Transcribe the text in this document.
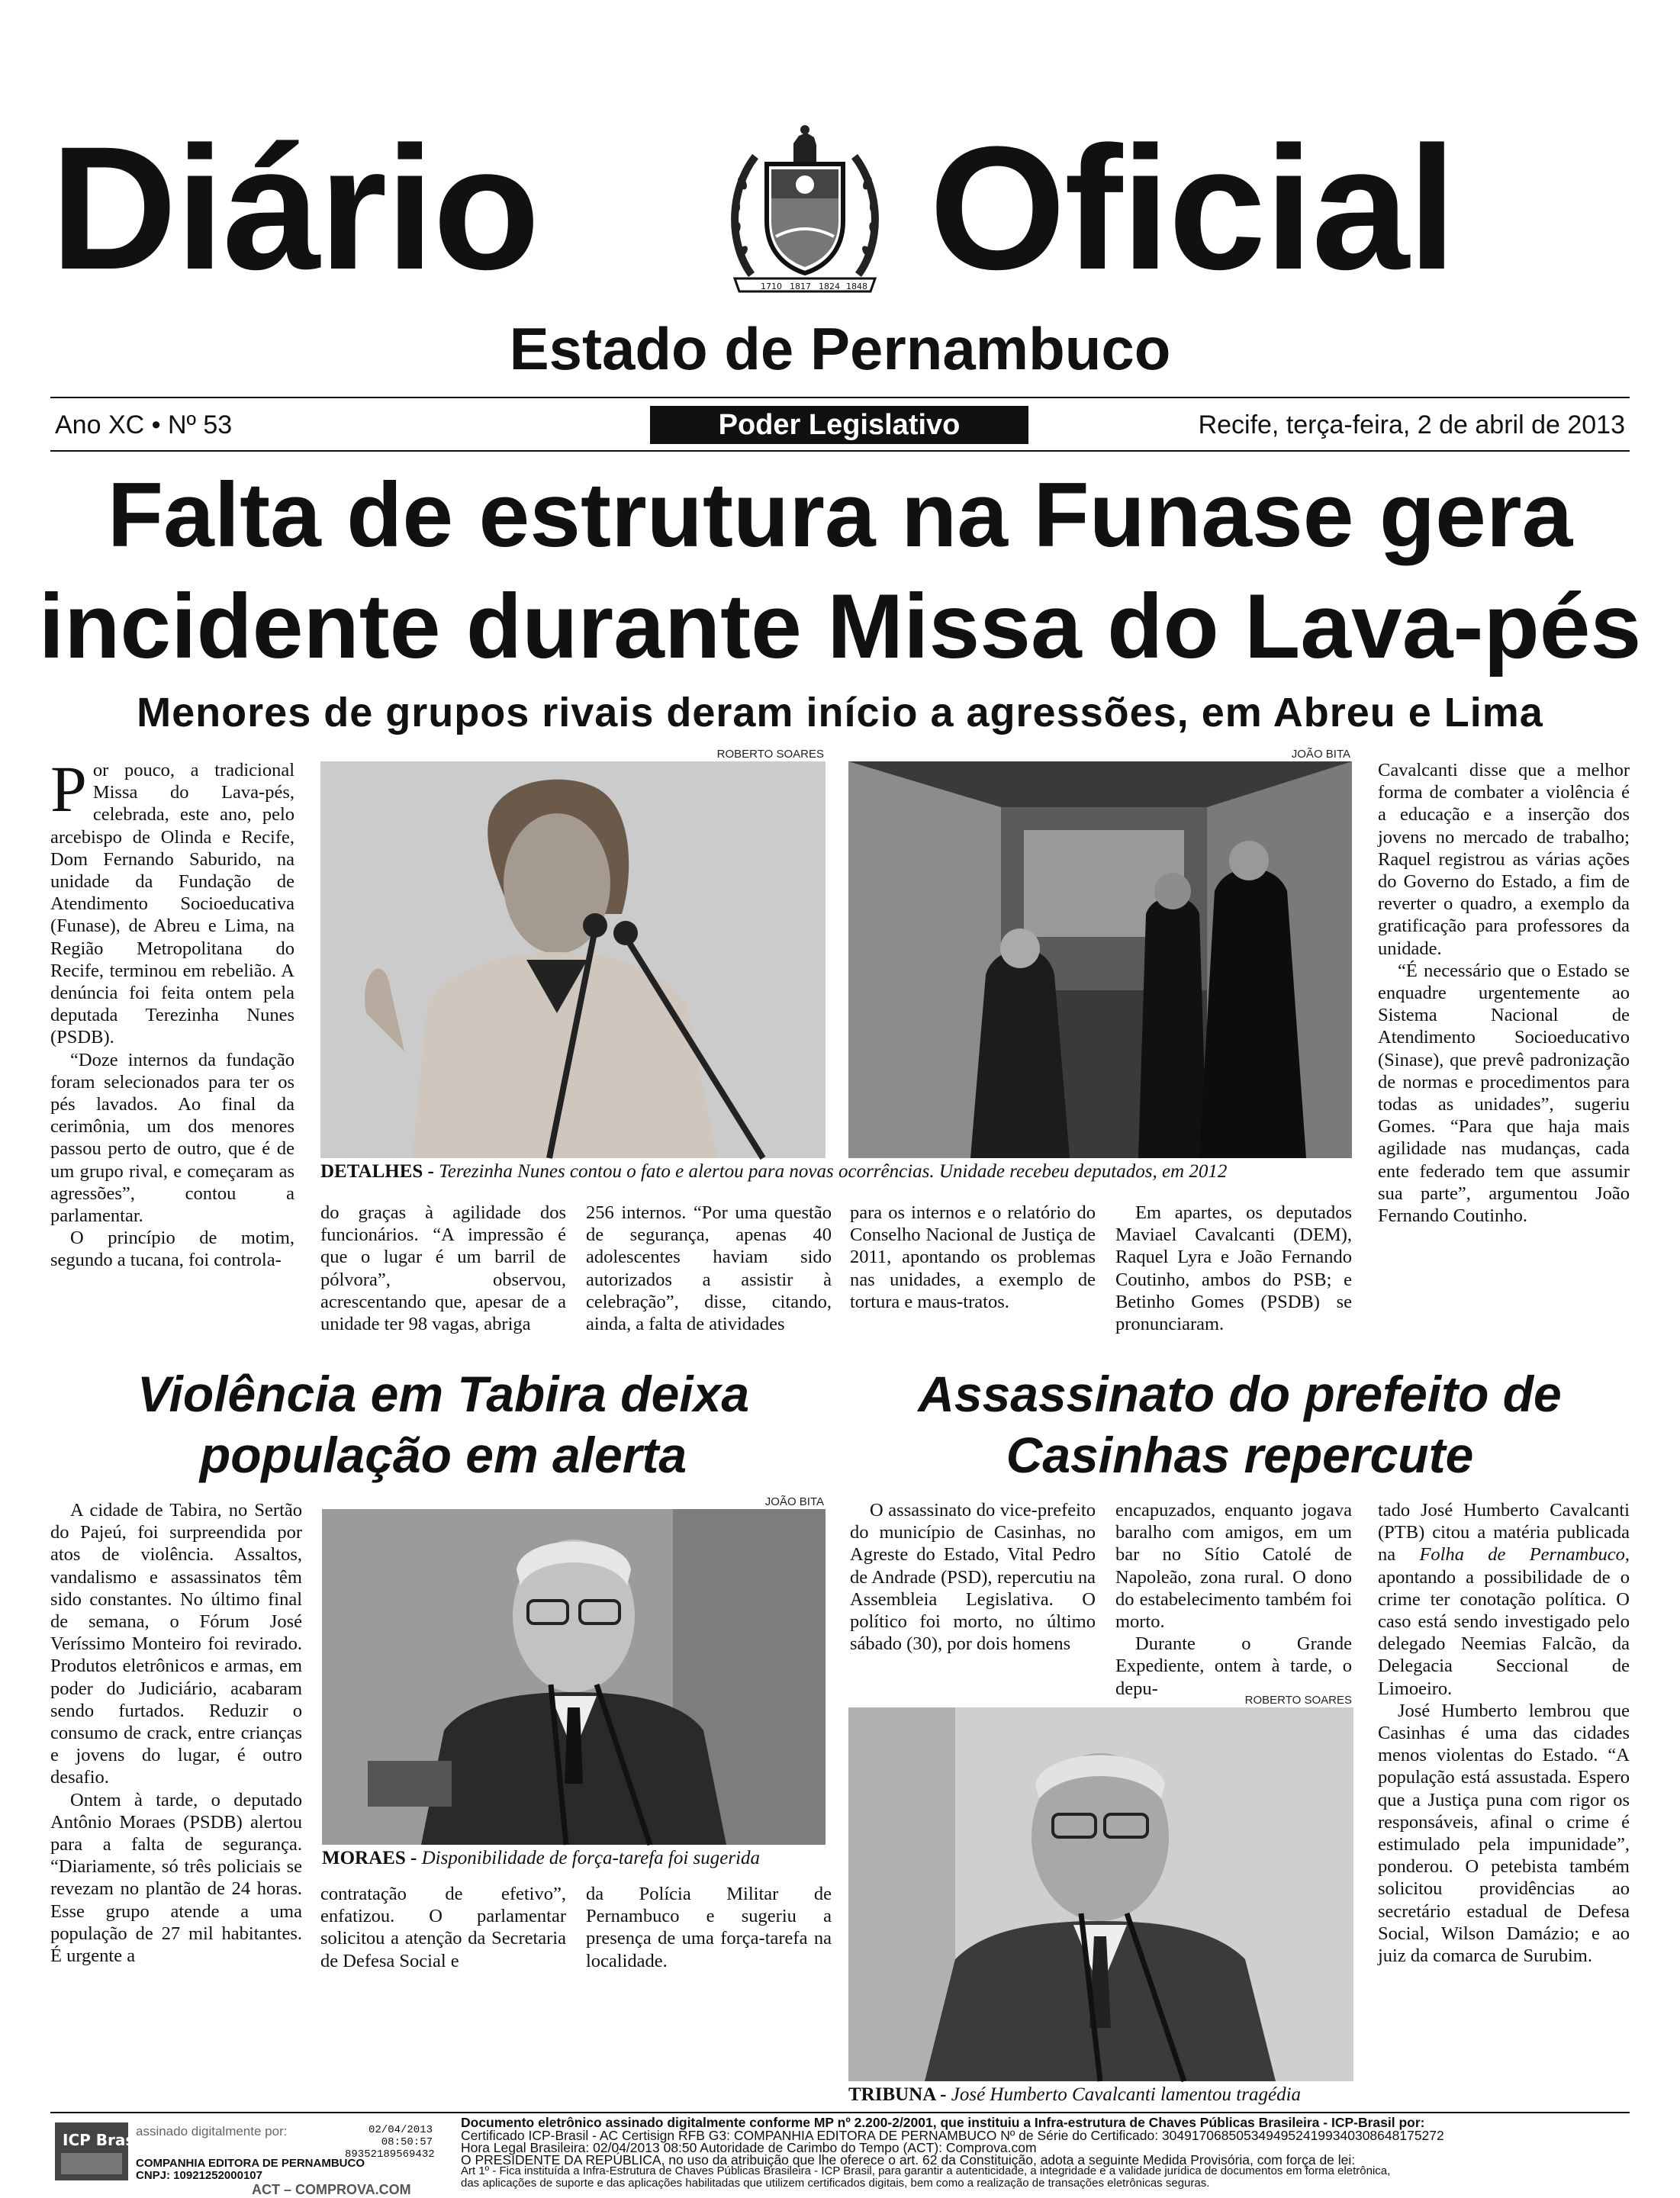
Diário Oficial
1710 1817 1824 1848
Estado de Pernambuco
Ano XC • Nº 53	Poder Legislativo	Recife, terça-feira, 2 de abril de 2013
Falta de estrutura na Funase gera
incidente durante Missa do Lava-pés
Menores de grupos rivais deram início a agressões, em Abreu e Lima

Por pouco, a tradicional Missa do Lava-pés, celebrada, este ano, pelo arcebispo de Olinda e Recife, Dom Fernando Saburido, na unidade da Fundação de Atendimento Socioeducativa (Funase), de Abreu e Lima, na Região Metropolitana do Recife, terminou em rebelião. A denúncia foi feita ontem pela deputada Terezinha Nunes (PSDB).

“Doze internos da fundação foram selecionados para ter os pés lavados. Ao final da cerimônia, um dos menores passou perto de outro, que é de um grupo rival, e começaram as agressões”, contou a parlamentar.

O princípio de motim, segundo a tucana, foi controla-

ROBERTO SOARES	JOÃO BITA
DETALHES - Terezinha Nunes contou o fato e alertou para novas ocorrências. Unidade recebeu deputados, em 2012

do graças à agilidade dos funcionários. “A impressão é que o lugar é um barril de pólvora”, observou, acrescentando que, apesar de a unidade ter 98 vagas, abriga

256 internos. “Por uma questão de segurança, apenas 40 adolescentes haviam sido autorizados a assistir à celebração”, disse, citando, ainda, a falta de atividades

para os internos e o relatório do Conselho Nacional de Justiça de 2011, apontando os problemas nas unidades, a exemplo de tortura e maus-tratos.

Em apartes, os deputados Maviael Cavalcanti (DEM), Raquel Lyra e João Fernando Coutinho, ambos do PSB; e Betinho Gomes (PSDB) se pronunciaram.

Cavalcanti disse que a melhor forma de combater a violência é a educação e a inserção dos jovens no mercado de trabalho; Raquel registrou as várias ações do Governo do Estado, a fim de reverter o quadro, a exemplo da gratificação para professores da unidade.

“É necessário que o Estado se enquadre urgentemente ao Sistema Nacional de Atendimento Socioeducativo (Sinase), que prevê padronização de normas e procedimentos para todas as unidades”, sugeriu Gomes. “Para que haja mais agilidade nas mudanças, cada ente federado tem que assumir sua parte”, argumentou João Fernando Coutinho.

Violência em Tabira deixa
população em alerta

A cidade de Tabira, no Sertão do Pajeú, foi surpreendida por atos de violência. Assaltos, vandalismo e assassinatos têm sido constantes. No último final de semana, o Fórum José Veríssimo Monteiro foi revirado. Produtos eletrônicos e armas, em poder do Judiciário, acabaram sendo furtados. Reduzir o consumo de crack, entre crianças e jovens do lugar, é outro desafio.

Ontem à tarde, o deputado Antônio Moraes (PSDB) alertou para a falta de segurança. “Diariamente, só três policiais se revezam no plantão de 24 horas. Esse grupo atende a uma população de 27 mil habitantes. É urgente a

JOÃO BITA
MORAES - Disponibilidade de força-tarefa foi sugerida

contratação de efetivo”, enfatizou. O parlamentar solicitou a atenção da Secretaria de Defesa Social e

da Polícia Militar de Pernambuco e sugeriu a presença de uma força-tarefa na localidade.

Assassinato do prefeito de
Casinhas repercute

O assassinato do vice-prefeito do município de Casinhas, no Agreste do Estado, Vital Pedro de Andrade (PSD), repercutiu na Assembleia Legislativa. O político foi morto, no último sábado (30), por dois homens

encapuzados, enquanto jogava baralho com amigos, em um bar no Sítio Catolé de Napoleão, zona rural. O dono do estabelecimento também foi morto.

Durante o Grande Expediente, ontem à tarde, o depu-

ROBERTO SOARES
TRIBUNA - José Humberto Cavalcanti lamentou tragédia

tado José Humberto Cavalcanti (PTB) citou a matéria publicada na Folha de Pernambuco, apontando a possibilidade de o crime ter conotação política. O caso está sendo investigado pelo delegado Neemias Falcão, da Delegacia Seccional de Limoeiro.

José Humberto lembrou que Casinhas é uma das cidades menos violentas do Estado. “A população está assustada. Espero que a Justiça puna com rigor os responsáveis, afinal o crime é estimulado pela impunidade”, ponderou. O petebista também solicitou providências ao secretário estadual de Defesa Social, Wilson Damázio; e ao juiz da comarca de Surubim.

ICP Brasil
assinado digitalmente por:	02/04/2013
08:50:57
89352189569432
COMPANHIA EDITORA DE PERNAMBUCO
CNPJ: 10921252000107
ACT – COMPROVA.COM
Documento eletrônico assinado digitalmente conforme MP nº 2.200-2/2001, que instituiu a Infra-estrutura de Chaves Públicas Brasileira - ICP-Brasil por:
Certificado ICP-Brasil - AC Certisign RFB G3: COMPANHIA EDITORA DE PERNAMBUCO Nº de Série do Certificado: 30491706850534949524199340308648175272
Hora Legal Brasileira: 02/04/2013 08:50 Autoridade de Carimbo do Tempo (ACT): Comprova.com
O PRESIDENTE DA REPÚBLICA, no uso da atribuição que lhe oferece o art. 62 da Constituição, adota a seguinte Medida Provisória, com força de lei:
Art 1º - Fica instituída a Infra-Estrutura de Chaves Públicas Brasileira - ICP Brasil, para garantir a autenticidade, a integridade e a validade jurídica de documentos em forma eletrônica,
das aplicações de suporte e das aplicações habilitadas que utilizem certificados digitais, bem como a realização de transações eletrônicas seguras.
